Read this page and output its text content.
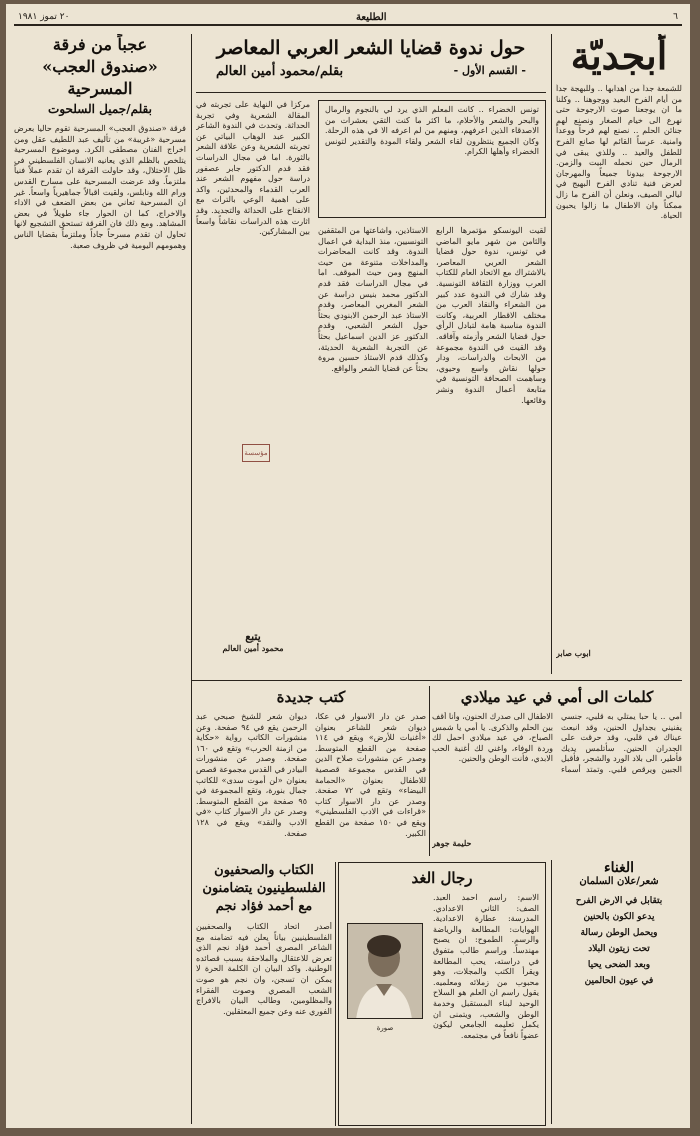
٦
الطليعة
٢٠ تموز ١٩٨١
أبجديّة
للشمعة جداً من اهدابها .. وللبهجة جداً من أيام الفرح البعيد ووجوهنا .. وكلنا ما ان يوجعنا صوت الارجوحة حتى نهرع الى خيام الصغار ونصنع لهم جنائن الحلم .. نصنع لهم فرحاً ووعداً وامنية. عرساً القائم لها صانع الفرح للطفل والعيد .. وللذي يبقى في الرمال حين نحمله البيت والزمن. الارجوحة بيدونا جميعاً والمهرجان لعرض فنية تنادي الفرح البهيج في ليالي الصيف، ونعلن أن الفرح ما زال ممكناً وان الاطفال ما زالوا يحبون الحياة.
ابوب صابر
حول ندوة قضايا الشعر العربي المعاصر
- القسم الأول -
بقلم/محمود أمين العالم
تونس الخضراء .. كانت المعلم الذي يرد لي بالنجوم والرمال والبحر والشعر والأحلام، ما اكثر ما كنت التقي بعشرات من الاصدقاء الذين اعرفهم، ومنهم من لم اعرفه الا في هذه الرحلة. وكان الجميع ينتظرون لقاء الشعر ولقاء المودة والتقدير لتونس الخضراء وأهلها الكرام.
لقيت اليونسكو مؤتمرها الرابع والثامن من شهر مايو الماضي في تونس، ندوة حول قضايا الشعر العربي المعاصر، بالاشتراك مع الاتحاد العام للكتاب العرب ووزارة الثقافة التونسية. وقد شارك في الندوة عدد كبير من الشعراء والنقاد العرب من مختلف الاقطار العربية، وكانت الندوة مناسبة هامة لتبادل الرأي حول قضايا الشعر وأزمته وآفاقه. وقد القيت في الندوة مجموعة من الابحاث والدراسات، ودار حولها نقاش واسع وحيوي، وساهمت الصحافة التونسية في متابعة أعمال الندوة ونشر وقائعها.
الاستاذين، واشاعتها من المثقفين التونسيين، منذ البداية في اعمال الندوة. وقد كانت المحاضرات والمداخلات متنوعة من حيث المنهج ومن حيث الموقف. اما في مجال الدراسات فقد قدم الدكتور محمد بنيس دراسة عن الشعر المغربي المعاصر، وقدم الاستاذ عبد الرحمن الابنودي بحثاً حول الشعر الشعبي، وقدم الدكتور عز الدين اسماعيل بحثاً عن التجربة الشعرية الحديثة، وكذلك قدم الاستاذ حسين مروة بحثاً عن قضايا الشعر والواقع.
مركزاً في النهاية على تجربته في المقالة الشعرية وفي تجربة الحداثة. وتحدث في الندوة الشاعر الكبير عبد الوهاب البياتي عن تجربته الشعرية وعن علاقة الشعر بالثورة. اما في مجال الدراسات فقد قدم الدكتور جابر عصفور دراسة حول مفهوم الشعر عند العرب القدماء والمحدثين، واكد على اهمية الوعي بالتراث مع الانفتاح على الحداثة والتجديد. وقد اثارت هذه الدراسات نقاشاً واسعاً بين المشاركين.
يتبع
محمود أمين العالم
عجباً من فرقة
«صندوق العجب»
المسرحية
بقلم/جميل السلحوت
فرقة «صندوق العجب» المسرحية تقوم حالياً بعرض مسرحية «غريبة» من تأليف عبد اللطيف عقل ومن اخراج الفنان مصطفى الكرد. وموضوع المسرحية يتلخص بالظلم الذي يعانيه الانسان الفلسطيني في ظل الاحتلال، وقد حاولت الفرقة ان تقدم عملاً فنياً ملتزماً. وقد عرضت المسرحية على مسارح القدس ورام الله ونابلس، ولقيت اقبالاً جماهيرياً واسعاً. غير ان المسرحية تعاني من بعض الضعف في الاداء والاخراج، كما ان الحوار جاء طويلاً في بعض المشاهد. ومع ذلك فان الفرقة تستحق التشجيع لانها تحاول ان تقدم مسرحاً جاداً وملتزماً بقضايا الناس وهمومهم اليومية في ظروف صعبة.
كلمات الى أمي في عيد ميلادي
أمي .. يا حبا يمتلي به قلبي، جنسي يفنيني بجداول الحنين، وقد انبعث عيناك في قلبي، وقد حرقت على الجدران الحنين. سأتلمس يديك فأطير، الى بلاد الورد والشجر، فأقبل الجبين ويرقص قلبي. وتمتد أسماء الاطفال الى صدرك الحنون، وأنا أقف بين الحلم والذكرى. يا أمي يا شمس الصباح، في عيد ميلادي احمل لك وردة الوفاء، واغني لك أغنية الحب الابدي، فأنت الوطن والحنين.
حليمة جوهر
الغناء
شعر/علان السلمان
بتقابل في الارض الفرح
يدعو الكون بالحنين
ويحمل الوطن رسالة
تحت زيتون البلاد
وبعد الضحى يحيا
في عيون الحالمين
كتب جديدة
صدر عن دار الاسوار في عكا، ديوان شعر للشاعر بعنوان «أغنيات للأرض» ويقع في ١١٤ صفحة من القطع المتوسط. وصدر عن منشورات صلاح الدين في القدس مجموعة قصصية للاطفال بعنوان «الحمامة البيضاء» وتقع في ٧٢ صفحة. وصدر عن دار الاسوار كتاب «قراءات في الادب الفلسطيني» ويقع في ١٥٠ صفحة من القطع الكبير.
ديوان شعر للشيخ صبحي عبد الرحمن يقع في ٩٤ صفحة. وعن منشورات الكاتب رواية «حكاية من ازمنة الحرب» وتقع في ١٦٠ صفحة. وصدر عن منشورات البيادر في القدس مجموعة قصص بعنوان «لن أموت سدى» للكاتب جمال بنورة، وتقع المجموعة في ٩٥ صفحة من القطع المتوسط. وصدر عن دار الاسوار كتاب «في الادب والنقد» ويقع في ١٢٨ صفحة.
رجال الغد
الاسم: راسم احمد العبد. الصف: الثاني الاعدادي. المدرسة: عطارة الاعدادية. الهوايات: المطالعة والرياضة والرسم. الطموح: ان يصبح مهندساً. وراسم طالب متفوق في دراسته، يحب المطالعة ويقرأ الكتب والمجلات، وهو محبوب من زملائه ومعلميه. يقول راسم ان العلم هو السلاح الوحيد لبناء المستقبل وخدمة الوطن والشعب، ويتمنى ان يكمل تعليمه الجامعي ليكون عضواً نافعاً في مجتمعه.
صورة
الكتاب والصحفيون
الفلسطينيون يتضامنون
مع أحمد فؤاد نجم
أصدر اتحاد الكتاب والصحفيين الفلسطينيين بياناً يعلن فيه تضامنه مع الشاعر المصري أحمد فؤاد نجم الذي تعرض للاعتقال والملاحقة بسبب قصائده الوطنية. واكد البيان ان الكلمة الحرة لا يمكن ان تسجن، وان نجم هو صوت الشعب المصري وصوت الفقراء والمظلومين، وطالب البيان بالافراج الفوري عنه وعن جميع المعتقلين.
مؤسسة
